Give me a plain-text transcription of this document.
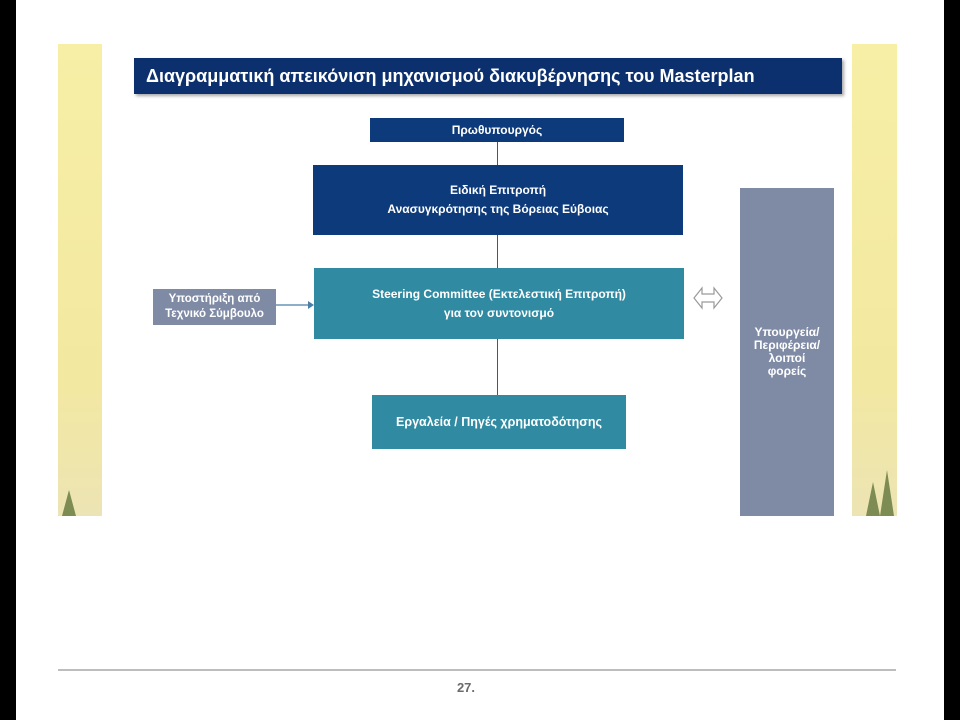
Διαγραμματική απεικόνιση μηχανισμού διακυβέρνησης του Masterplan
Πρωθυπουργός
Ειδική Επιτροπή
Ανασυγκρότησης της Βόρειας Εύβοιας
Steering Committee (Εκτελεστική Επιτροπή)
για τον συντονισμό
Υποστήριξη από
Τεχνικό Σύμβουλο
Εργαλεία / Πηγές χρηματοδότησης
Υπουργεία/
Περιφέρεια/
λοιποί
φορείς
27.
